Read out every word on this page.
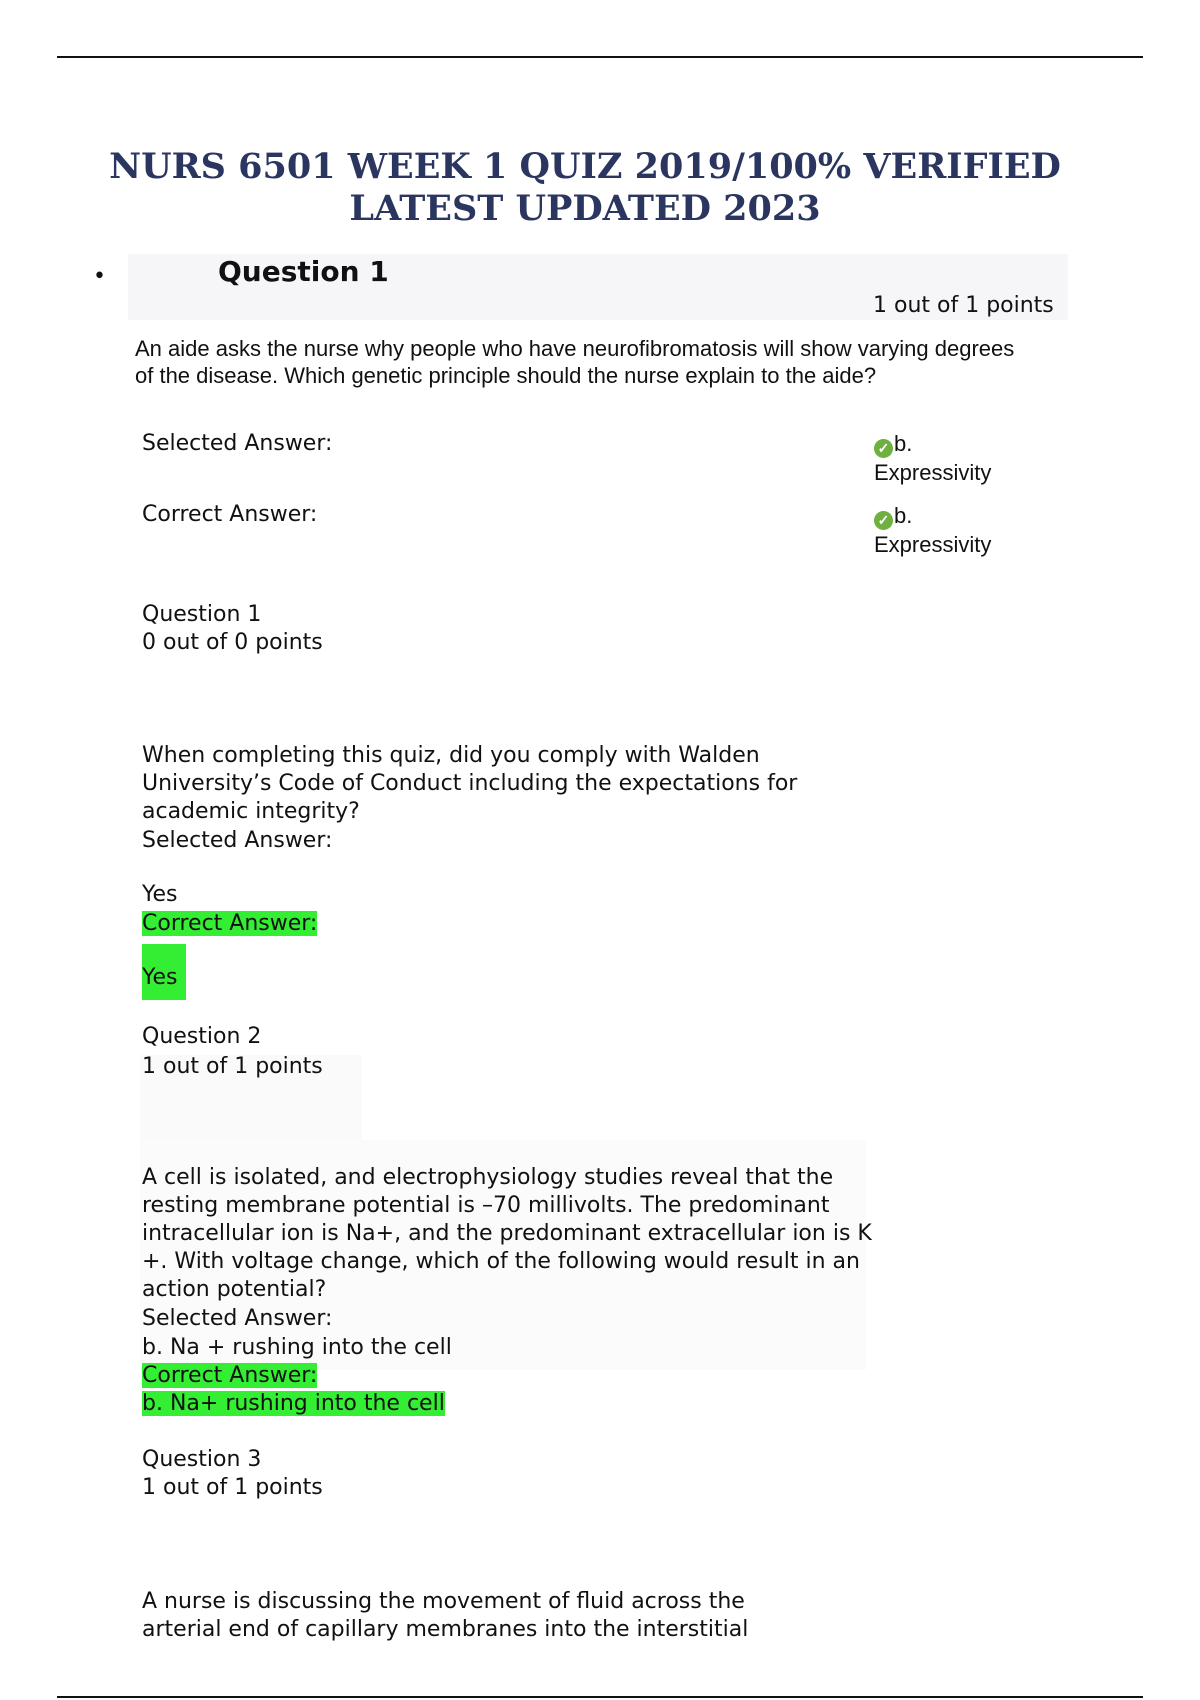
NURS 6501 WEEK 1 QUIZ 2019/100% VERIFIED
LATEST UPDATED 2023
•	Question 1
1 out of 1 points
An aide asks the nurse why people who have neurofibromatosis will show varying degrees of the disease. Which genetic principle should the nurse explain to the aide?
Selected Answer:	✓ b.
Expressivity
Correct Answer:	✓ b.
Expressivity
Question 1
0 out of 0 points
When completing this quiz, did you comply with Walden University’s Code of Conduct including the expectations for academic integrity?
Selected Answer:
Yes
Correct Answer:
Yes
Question 2
1 out of 1 points
A cell is isolated, and electrophysiology studies reveal that the resting membrane potential is –70 millivolts. The predominant intracellular ion is Na+, and the predominant extracellular ion is K +. With voltage change, which of the following would result in an action potential?
Selected Answer:
b. Na + rushing into the cell
Correct Answer:
b. Na+ rushing into the cell
Question 3
1 out of 1 points
A nurse is discussing the movement of fluid across the arterial end of capillary membranes into the interstitial
